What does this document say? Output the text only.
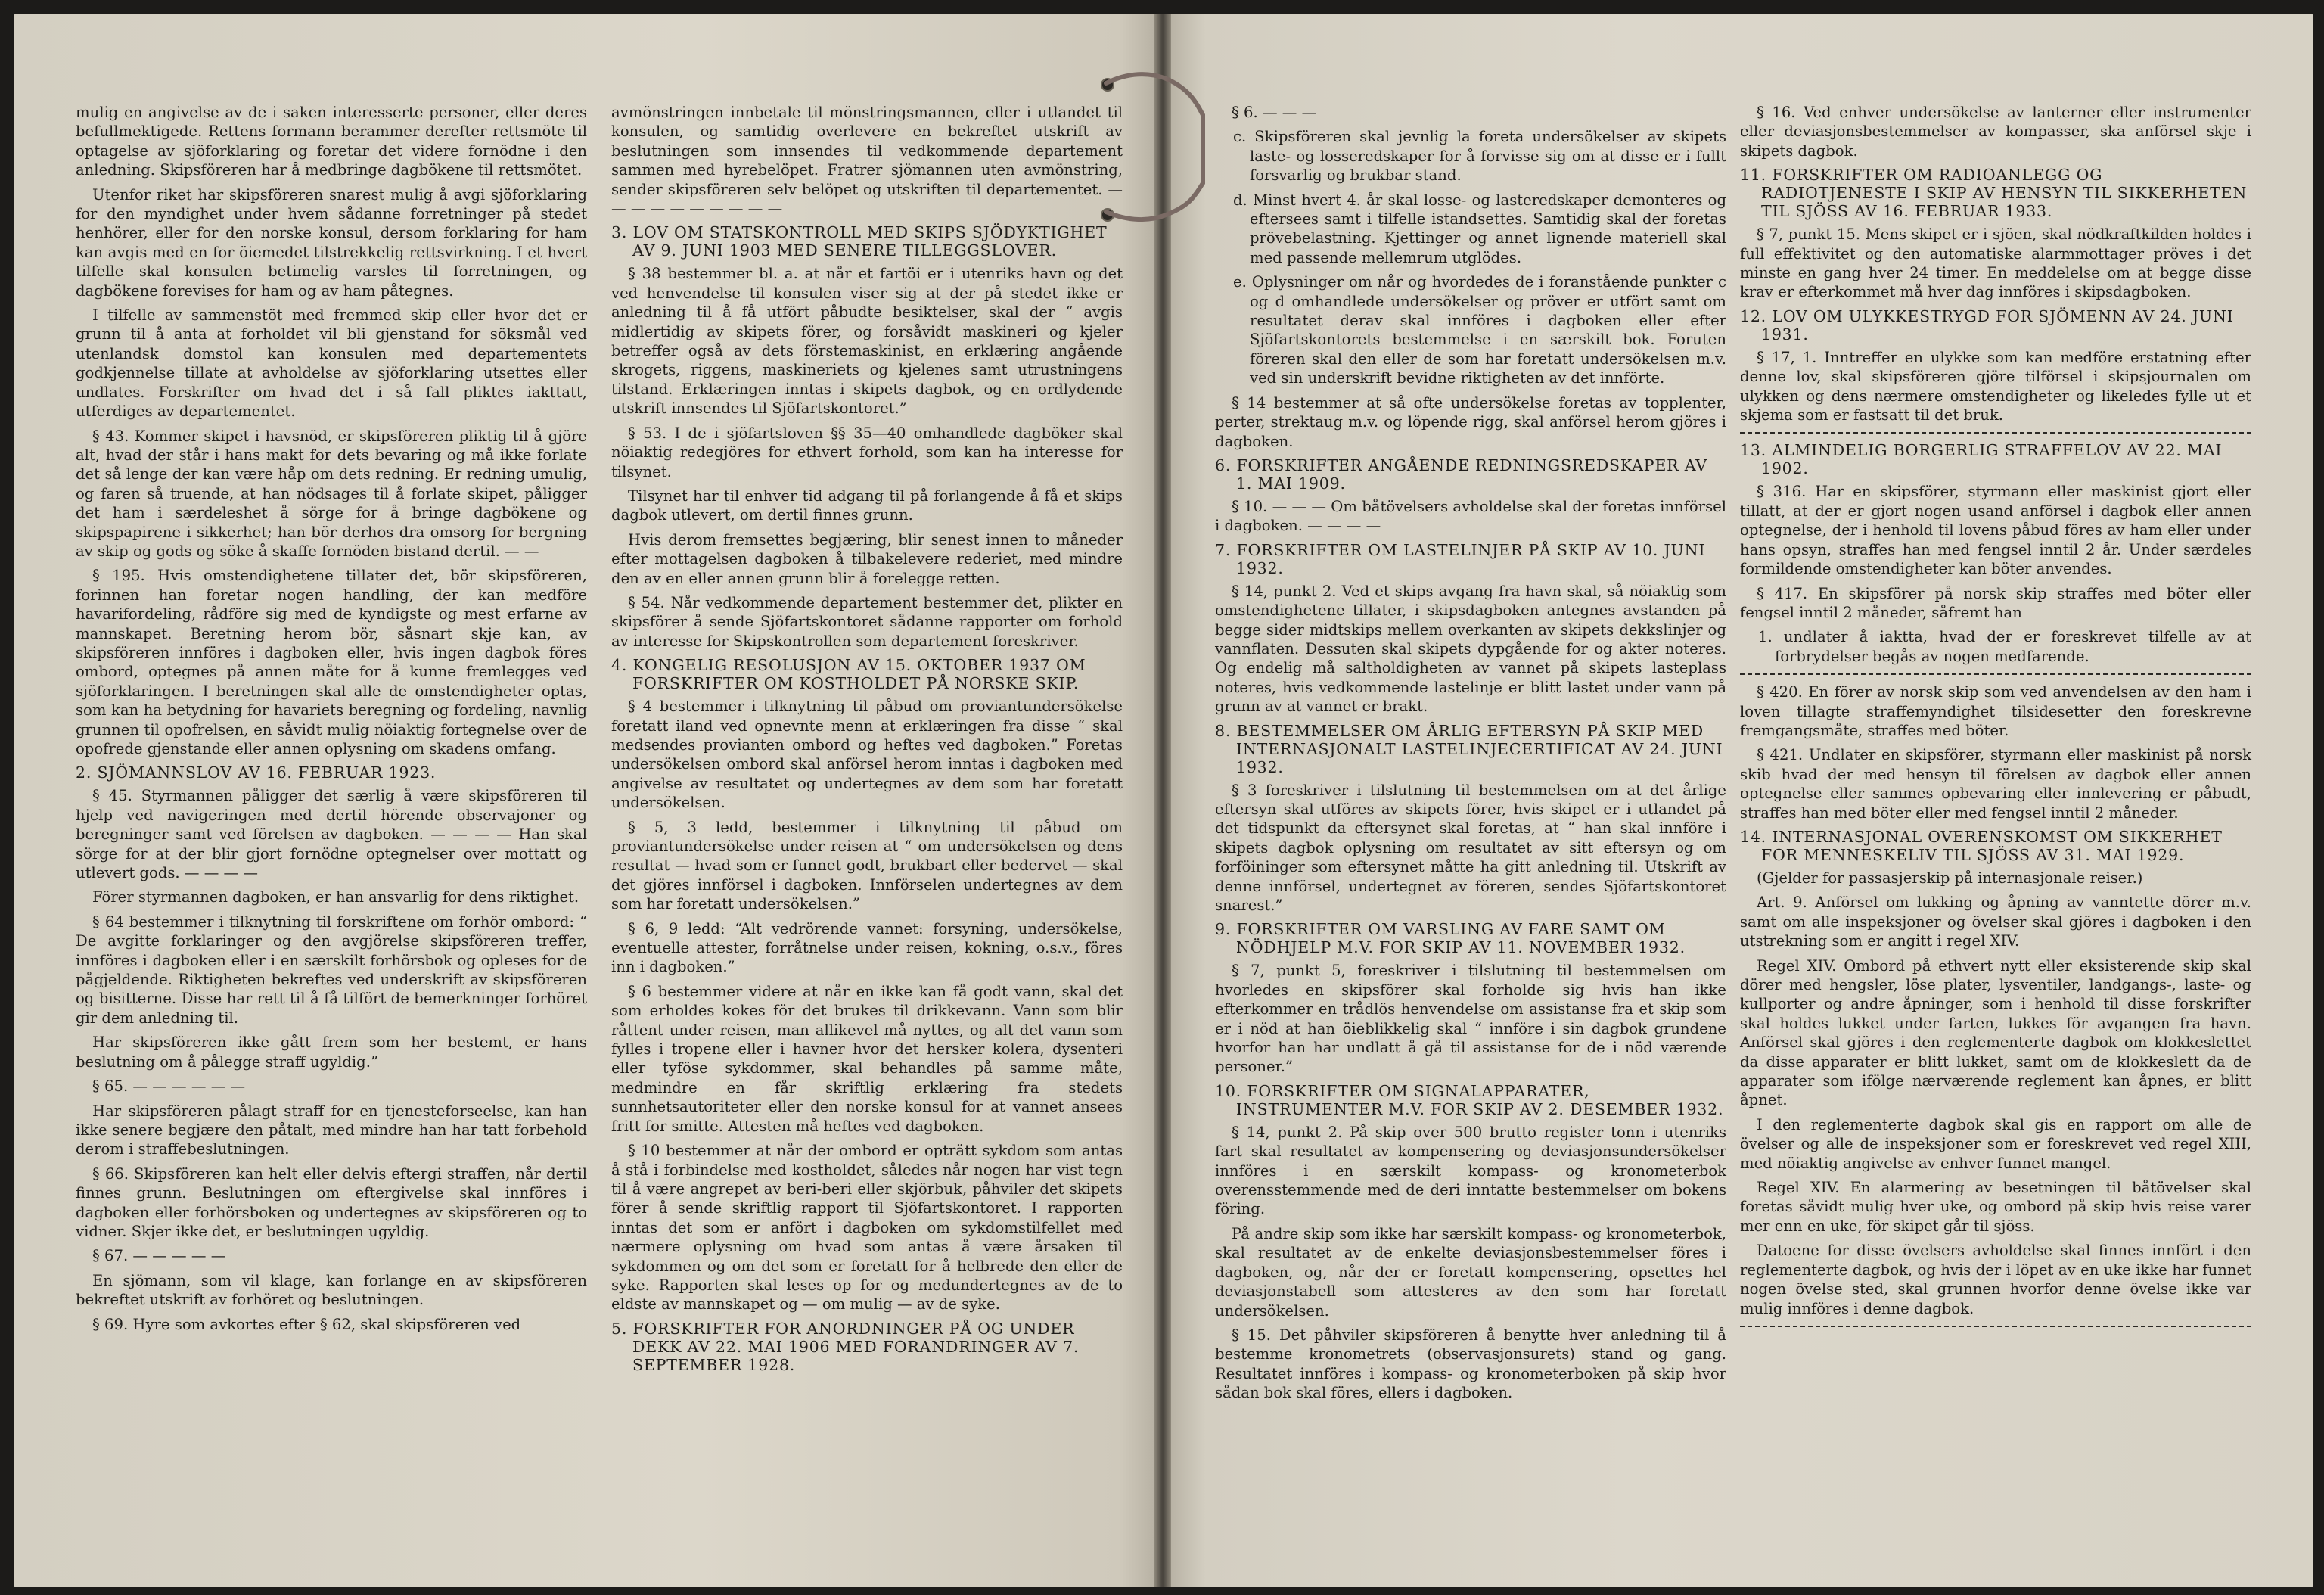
mulig en angivelse av de i saken interesserte personer, eller deres befullmektigede. Rettens formann berammer derefter rettsmöte til optagelse av sjöforklaring og foretar det videre fornödne i den anledning. Skipsföreren har å medbringe dagbökene til rettsmötet.

Utenfor riket har skipsföreren snarest mulig å avgi sjöforklaring for den myndighet under hvem sådanne forretninger på stedet henhörer, eller for den norske konsul, dersom forklaring for ham kan avgis med en for öiemedet tilstrekkelig rettsvirkning. I et hvert tilfelle skal konsulen betimelig varsles til forretningen, og dagbökene forevises for ham og av ham påtegnes.

I tilfelle av sammenstöt med fremmed skip eller hvor det er grunn til å anta at forholdet vil bli gjenstand for söksmål ved utenlandsk domstol kan konsulen med departementets godkjennelse tillate at avholdelse av sjöforklaring utsettes eller undlates. Forskrifter om hvad det i så fall pliktes iakttatt, utferdiges av departementet.

§ 43. Kommer skipet i havsnöd, er skipsföreren pliktig til å gjöre alt, hvad der står i hans makt for dets bevaring og må ikke forlate det så lenge der kan være håp om dets redning. Er redning umulig, og faren så truende, at han nödsages til å forlate skipet, påligger det ham i særdeleshet å sörge for å bringe dagbökene og skipspapirene i sikkerhet; han bör derhos dra omsorg for bergning av skip og gods og söke å skaffe fornöden bistand dertil. — —

§ 195. Hvis omstendighetene tillater det, bör skipsföreren, forinnen han foretar nogen handling, der kan medföre havarifordeling, rådföre sig med de kyndigste og mest erfarne av mannskapet. Beretning herom bör, såsnart skje kan, av skipsföreren innföres i dagboken eller, hvis ingen dagbok föres ombord, optegnes på annen måte for å kunne fremlegges ved sjöforklaringen. I beretningen skal alle de omstendigheter optas, som kan ha betydning for havariets beregning og fordeling, navnlig grunnen til opofrelsen, en såvidt mulig nöiaktig fortegnelse over de opofrede gjenstande eller annen oplysning om skadens omfang.

2. SJÖMANNSLOV AV 16. FEBRUAR 1923.

§ 45. Styrmannen påligger det særlig å være skipsföreren til hjelp ved navigeringen med dertil hörende observajoner og beregninger samt ved förelsen av dagboken. — — — — Han skal sörge for at der blir gjort fornödne optegnelser over mottatt og utlevert gods. — — — —

Förer styrmannen dagboken, er han ansvarlig for dens riktighet.

§ 64 bestemmer i tilknytning til forskriftene om forhör ombord: “ De avgitte forklaringer og den avgjörelse skipsföreren treffer, innföres i dagboken eller i en særskilt forhörsbok og opleses for de pågjeldende. Riktigheten bekreftes ved underskrift av skipsföreren og bisitterne. Disse har rett til å få tilfört de bemerkninger forhöret gir dem anledning til.

Har skipsföreren ikke gått frem som her bestemt, er hans beslutning om å pålegge straff ugyldig.”

§ 65. — — — — — —

Har skipsföreren pålagt straff for en tjenesteforseelse, kan han ikke senere begjære den påtalt, med mindre han har tatt forbehold derom i straffebeslutningen.

§ 66. Skipsföreren kan helt eller delvis eftergi straffen, når dertil finnes grunn. Beslutningen om eftergivelse skal innföres i dagboken eller forhörsboken og undertegnes av skipsföreren og to vidner. Skjer ikke det, er beslutningen ugyldig.

§ 67. — — — — —

En sjömann, som vil klage, kan forlange en av skipsföreren bekreftet utskrift av forhöret og beslutningen.

§ 69. Hyre som avkortes efter § 62, skal skipsföreren ved

avmönstringen innbetale til mönstringsmannen, eller i utlandet til konsulen, og samtidig overlevere en bekreftet utskrift av beslutningen som innsendes til vedkommende departement sammen med hyrebelöpet. Fratrer sjömannen uten avmönstring, sender skipsföreren selv belöpet og utskriften til departementet. — — — — — — — — — —

3. LOV OM STATSKONTROLL MED SKIPS SJÖDYKTIGHET AV 9. JUNI 1903 MED SENERE TILLEGGSLOVER.

§ 38 bestemmer bl. a. at når et fartöi er i utenriks havn og det ved henvendelse til konsulen viser sig at der på stedet ikke er anledning til å få utfört påbudte besiktelser, skal der “ avgis midlertidig av skipets förer, og forsåvidt maskineri og kjeler betreffer også av dets förstemaskinist, en erklæring angående skrogets, riggens, maskineriets og kjelenes samt utrustningens tilstand. Erklæringen inntas i skipets dagbok, og en ordlydende utskrift innsendes til Sjöfartskontoret.”

§ 53. I de i sjöfartsloven §§ 35—40 omhandlede dagböker skal nöiaktig redegjöres for ethvert forhold, som kan ha interesse for tilsynet.

Tilsynet har til enhver tid adgang til på forlangende å få et skips dagbok utlevert, om dertil finnes grunn.

Hvis derom fremsettes begjæring, blir senest innen to måneder efter mottagelsen dagboken å tilbakelevere rederiet, med mindre den av en eller annen grunn blir å forelegge retten.

§ 54. Når vedkommende departement bestemmer det, plikter en skipsförer å sende Sjöfartskontoret sådanne rapporter om forhold av interesse for Skipskontrollen som departement foreskriver.

4. KONGELIG RESOLUSJON AV 15. OKTOBER 1937 OM FORSKRIFTER OM KOSTHOLDET PÅ NORSKE SKIP.

§ 4 bestemmer i tilknytning til påbud om proviantundersökelse foretatt iland ved opnevnte menn at erklæringen fra disse “ skal medsendes provianten ombord og heftes ved dagboken.” Foretas undersökelsen ombord skal anförsel herom inntas i dagboken med angivelse av resultatet og undertegnes av dem som har foretatt undersökelsen.

§ 5, 3 ledd, bestemmer i tilknytning til påbud om proviantundersökelse under reisen at “ om undersökelsen og dens resultat — hvad som er funnet godt, brukbart eller bedervet — skal det gjöres innförsel i dagboken. Innförselen undertegnes av dem som har foretatt undersökelsen.”

§ 6, 9 ledd: “Alt vedrörende vannet: forsyning, undersökelse, eventuelle attester, forråtnelse under reisen, kokning, o.s.v., föres inn i dagboken.”

§ 6 bestemmer videre at når en ikke kan få godt vann, skal det som erholdes kokes för det brukes til drikkevann. Vann som blir råttent under reisen, man allikevel må nyttes, og alt det vann som fylles i tropene eller i havner hvor det hersker kolera, dysenteri eller tyföse sykdommer, skal behandles på samme måte, medmindre en får skriftlig erklæring fra stedets sunnhetsautoriteter eller den norske konsul for at vannet ansees fritt for smitte. Attesten må heftes ved dagboken.

§ 10 bestemmer at når der ombord er opträtt sykdom som antas å stå i forbindelse med kostholdet, således når nogen har vist tegn til å være angrepet av beri-beri eller skjörbuk, påhviler det skipets förer å sende skriftlig rapport til Sjöfartskontoret. I rapporten inntas det som er anfört i dagboken om sykdomstilfellet med nærmere oplysning om hvad som antas å være årsaken til sykdommen og om det som er foretatt for å helbrede den eller de syke. Rapporten skal leses op for og medundertegnes av de to eldste av mannskapet og — om mulig — av de syke.

5. FORSKRIFTER FOR ANORDNINGER PÅ OG UNDER DEKK AV 22. MAI 1906 MED FORANDRINGER AV 7. SEPTEMBER 1928.

§ 6. — — —

c. Skipsföreren skal jevnlig la foreta undersökelser av skipets laste- og losseredskaper for å forvisse sig om at disse er i fullt forsvarlig og brukbar stand.

d. Minst hvert 4. år skal losse- og lasteredskaper demonteres og eftersees samt i tilfelle istandsettes. Samtidig skal der foretas prövebelastning. Kjettinger og annet lignende materiell skal med passende mellemrum utglödes.

e. Oplysninger om når og hvordedes de i foranstående punkter c og d omhandlede undersökelser og pröver er utfört samt om resultatet derav skal innföres i dagboken eller efter Sjöfartskontorets bestemmelse i en særskilt bok. Foruten föreren skal den eller de som har foretatt undersökelsen m.v. ved sin underskrift bevidne riktigheten av det innförte.

§ 14 bestemmer at så ofte undersökelse foretas av topplenter, perter, strektaug m.v. og löpende rigg, skal anförsel herom gjöres i dagboken.

6. FORSKRIFTER ANGÅENDE REDNINGSREDSKAPER AV 1. MAI 1909.

§ 10. — — — Om båtövelsers avholdelse skal der foretas innförsel i dagboken. — — — —

7. FORSKRIFTER OM LASTELINJER PÅ SKIP AV 10. JUNI 1932.

§ 14, punkt 2. Ved et skips avgang fra havn skal, så nöiaktig som omstendighetene tillater, i skipsdagboken antegnes avstanden på begge sider midtskips mellem overkanten av skipets dekkslinjer og vannflaten. Dessuten skal skipets dypgående for og akter noteres. Og endelig må saltholdigheten av vannet på skipets lasteplass noteres, hvis vedkommende lastelinje er blitt lastet under vann på grunn av at vannet er brakt.

8. BESTEMMELSER OM ÅRLIG EFTERSYN PÅ SKIP MED INTERNASJONALT LASTELINJECERTIFICAT AV 24. JUNI 1932.

§ 3 foreskriver i tilslutning til bestemmelsen om at det årlige eftersyn skal utföres av skipets förer, hvis skipet er i utlandet på det tidspunkt da eftersynet skal foretas, at “ han skal innföre i skipets dagbok oplysning om resultatet av sitt eftersyn og om forföininger som eftersynet måtte ha gitt anledning til. Utskrift av denne innförsel, undertegnet av föreren, sendes Sjöfartskontoret snarest.”

9. FORSKRIFTER OM VARSLING AV FARE SAMT OM NÖDHJELP M.V. FOR SKIP AV 11. NOVEMBER 1932.

§ 7, punkt 5, foreskriver i tilslutning til bestemmelsen om hvorledes en skipsförer skal forholde sig hvis han ikke efterkommer en trådlös henvendelse om assistanse fra et skip som er i nöd at han öieblikkelig skal “ innföre i sin dagbok grundene hvorfor han har undlatt å gå til assistanse for de i nöd værende personer.”

10. FORSKRIFTER OM SIGNALAPPARATER, INSTRUMENTER M.V. FOR SKIP AV 2. DESEMBER 1932.

§ 14, punkt 2. På skip over 500 brutto register tonn i utenriks fart skal resultatet av kompensering og deviasjonsundersökelser innföres i en særskilt kompass- og kronometerbok overensstemmende med de deri inntatte bestemmelser om bokens föring.

På andre skip som ikke har særskilt kompass- og kronometerbok, skal resultatet av de enkelte deviasjonsbestemmelser föres i dagboken, og, når der er foretatt kompensering, opsettes hel deviasjonstabell som attesteres av den som har foretatt undersökelsen.

§ 15. Det påhviler skipsföreren å benytte hver anledning til å bestemme kronometrets (observasjonsurets) stand og gang. Resultatet innföres i kompass- og kronometerboken på skip hvor sådan bok skal föres, ellers i dagboken.

§ 16. Ved enhver undersökelse av lanterner eller instrumenter eller deviasjonsbestemmelser av kompasser, ska anförsel skje i skipets dagbok.

11. FORSKRIFTER OM RADIOANLEGG OG RADIOTJENESTE I SKIP AV HENSYN TIL SIKKERHETEN TIL SJÖSS AV 16. FEBRUAR 1933.

§ 7, punkt 15. Mens skipet er i sjöen, skal nödkraftkilden holdes i full effektivitet og den automatiske alarmmottager pröves i det minste en gang hver 24 timer. En meddelelse om at begge disse krav er efterkommet må hver dag innföres i skipsdagboken.

12. LOV OM ULYKKESTRYGD FOR SJÖMENN AV 24. JUNI 1931.

§ 17, 1. Inntreffer en ulykke som kan medföre erstatning efter denne lov, skal skipsföreren gjöre tilförsel i skipsjournalen om ulykken og dens nærmere omstendigheter og likeledes fylle ut et skjema som er fastsatt til det bruk.

13. ALMINDELIG BORGERLIG STRAFFELOV AV 22. MAI 1902.

§ 316. Har en skipsförer, styrmann eller maskinist gjort eller tillatt, at der er gjort nogen usand anförsel i dagbok eller annen optegnelse, der i henhold til lovens påbud föres av ham eller under hans opsyn, straffes han med fengsel inntil 2 år. Under særdeles formildende omstendigheter kan böter anvendes.

§ 417. En skipsförer på norsk skip straffes med böter eller fengsel inntil 2 måneder, såfremt han

1. undlater å iaktta, hvad der er foreskrevet tilfelle av at forbrydelser begås av nogen medfarende.

§ 420. En förer av norsk skip som ved anvendelsen av den ham i loven tillagte straffemyndighet tilsidesetter den foreskrevne fremgangsmåte, straffes med böter.

§ 421. Undlater en skipsförer, styrmann eller maskinist på norsk skib hvad der med hensyn til förelsen av dagbok eller annen optegnelse eller sammes opbevaring eller innlevering er påbudt, straffes han med böter eller med fengsel inntil 2 måneder.

14. INTERNASJONAL OVERENSKOMST OM SIKKERHET FOR MENNESKELIV TIL SJÖSS AV 31. MAI 1929.

(Gjelder for passasjerskip på internasjonale reiser.)

Art. 9. Anförsel om lukking og åpning av vanntette dörer m.v. samt om alle inspeksjoner og övelser skal gjöres i dagboken i den utstrekning som er angitt i regel XIV.

Regel XIV. Ombord på ethvert nytt eller eksisterende skip skal dörer med hengsler, löse plater, lysventiler, landgangs-, laste- og kullporter og andre åpninger, som i henhold til disse forskrifter skal holdes lukket under farten, lukkes för avgangen fra havn. Anförsel skal gjöres i den reglementerte dagbok om klokkeslettet da disse apparater er blitt lukket, samt om de klokkeslett da de apparater som ifölge nærværende reglement kan åpnes, er blitt åpnet.

I den reglementerte dagbok skal gis en rapport om alle de övelser og alle de inspeksjoner som er foreskrevet ved regel XIII, med nöiaktig angivelse av enhver funnet mangel.

Regel XIV. En alarmering av besetningen til båtövelser skal foretas såvidt mulig hver uke, og ombord på skip hvis reise varer mer enn en uke, för skipet går til sjöss.

Datoene for disse övelsers avholdelse skal finnes innfört i den reglementerte dagbok, og hvis der i löpet av en uke ikke har funnet nogen övelse sted, skal grunnen hvorfor denne övelse ikke var mulig innföres i denne dagbok.
